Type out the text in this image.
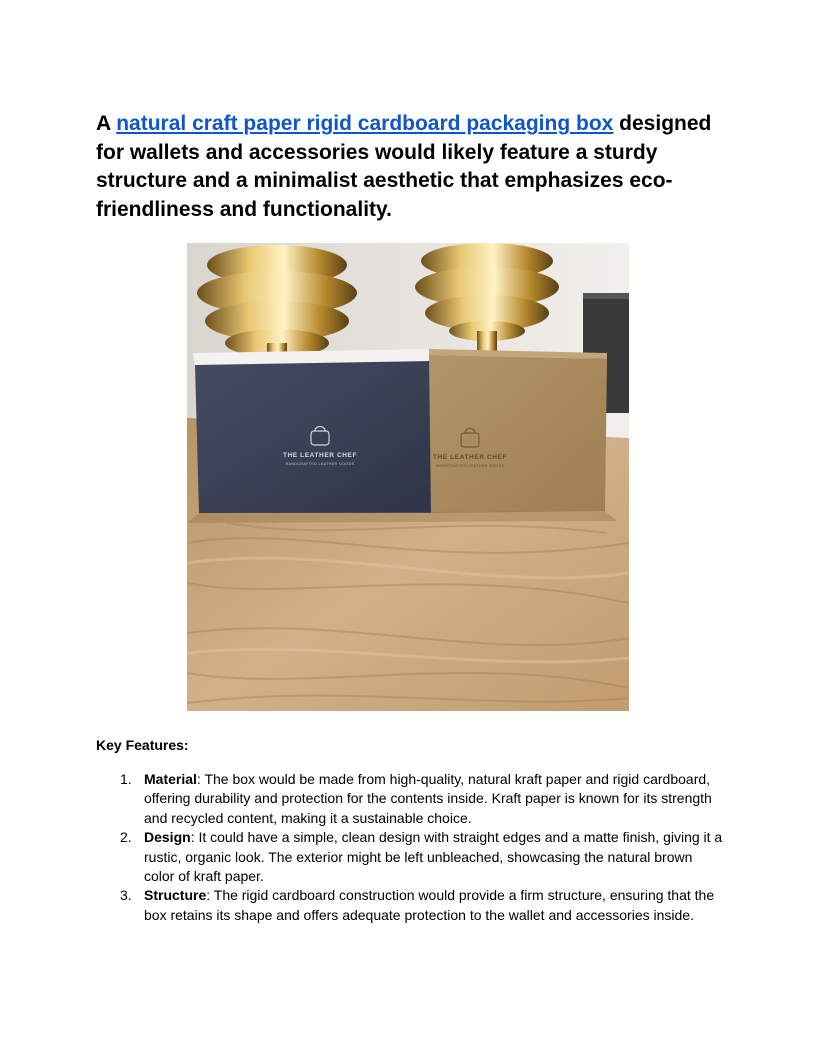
A natural craft paper rigid cardboard packaging box designed for wallets and accessories would likely feature a sturdy structure and a minimalist aesthetic that emphasizes eco-friendliness and functionality.
THE LEATHER CHEF
HANDCRAFTED LEATHER GOODS
THE LEATHER CHEF
HANDCRAFTED LEATHER GOODS

Key Features:

1. Material: The box would be made from high-quality, natural kraft paper and rigid cardboard, offering durability and protection for the contents inside. Kraft paper is known for its strength and recycled content, making it a sustainable choice.
2. Design: It could have a simple, clean design with straight edges and a matte finish, giving it a rustic, organic look. The exterior might be left unbleached, showcasing the natural brown color of kraft paper.
3. Structure: The rigid cardboard construction would provide a firm structure, ensuring that the box retains its shape and offers adequate protection to the wallet and accessories inside.
